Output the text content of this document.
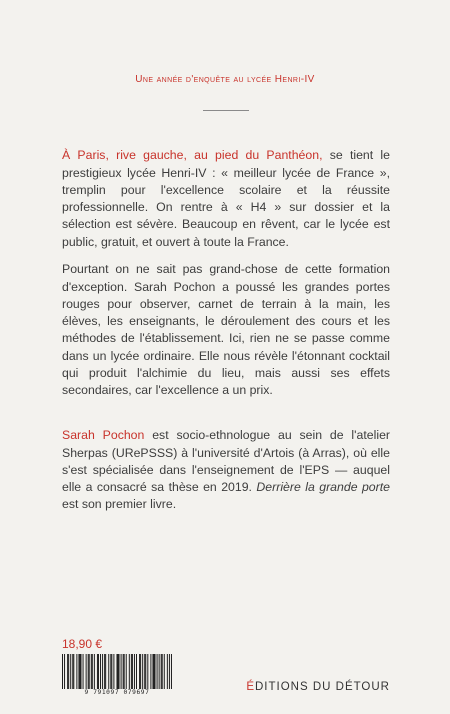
Une année d'enquête au lycée Henri-IV

À Paris, rive gauche, au pied du Panthéon, se tient le prestigieux lycée Henri-IV : « meilleur lycée de France », tremplin pour l'excellence scolaire et la réussite professionnelle. On rentre à « H4 » sur dossier et la sélection est sévère. Beaucoup en rêvent, car le lycée est public, gratuit, et ouvert à toute la France.

Pourtant on ne sait pas grand-chose de cette formation d'exception. Sarah Pochon a poussé les grandes portes rouges pour observer, carnet de terrain à la main, les élèves, les enseignants, le déroulement des cours et les méthodes de l'établissement. Ici, rien ne se passe comme dans un lycée ordinaire. Elle nous révèle l'étonnant cocktail qui produit l'alchimie du lieu, mais aussi ses effets secondaires, car l'excellence a un prix.

Sarah Pochon est socio-ethnologue au sein de l'atelier Sherpas (URePSSS) à l'université d'Artois (à Arras), où elle s'est spécialisée dans l'enseignement de l'EPS — auquel elle a consacré sa thèse en 2019. Derrière la grande porte est son premier livre.

18,90 €
9 791097 079697	ÉDITIONS DU DÉTOUR
